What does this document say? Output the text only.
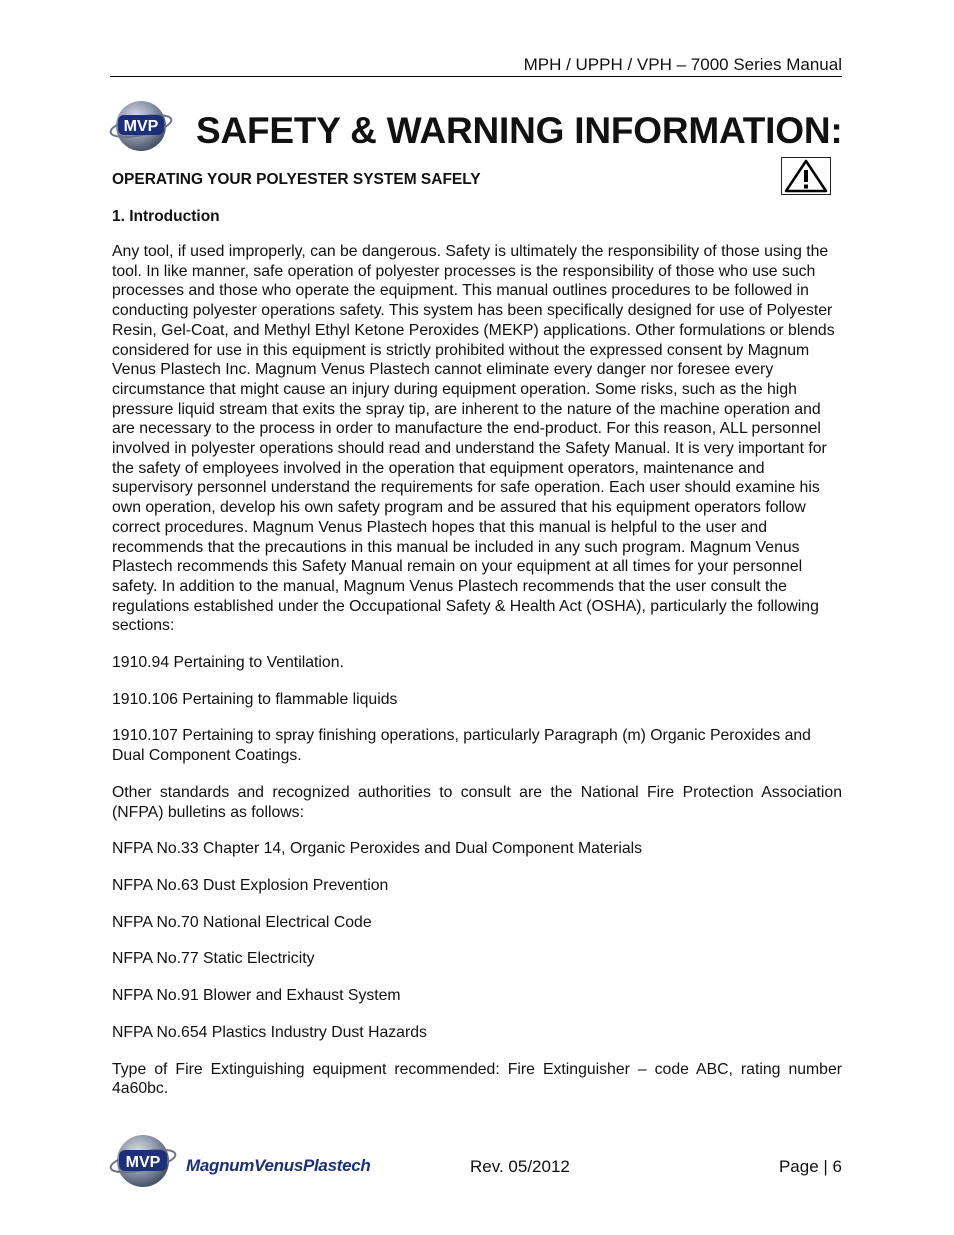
MPH / UPPH / VPH – 7000 Series Manual
MVP SAFETY & WARNING INFORMATION:
OPERATING YOUR POLYESTER SYSTEM SAFELY
1. Introduction

Any tool, if used improperly, can be dangerous. Safety is ultimately the responsibility of those using the tool. In like manner, safe operation of polyester processes is the responsibility of those who use such processes and those who operate the equipment. This manual outlines procedures to be followed in conducting polyester operations safety. This system has been specifically designed for use of Polyester Resin, Gel-Coat, and Methyl Ethyl Ketone Peroxides (MEKP) applications. Other formulations or blends considered for use in this equipment is strictly prohibited without the expressed consent by Magnum Venus Plastech Inc. Magnum Venus Plastech cannot eliminate every danger nor foresee every circumstance that might cause an injury during equipment operation. Some risks, such as the high pressure liquid stream that exits the spray tip, are inherent to the nature of the machine operation and are necessary to the process in order to manufacture the end-product. For this reason, ALL personnel involved in polyester operations should read and understand the Safety Manual. It is very important for the safety of employees involved in the operation that equipment operators, maintenance and supervisory personnel understand the requirements for safe operation. Each user should examine his own operation, develop his own safety program and be assured that his equipment operators follow correct procedures. Magnum Venus Plastech hopes that this manual is helpful to the user and recommends that the precautions in this manual be included in any such program. Magnum Venus Plastech recommends this Safety Manual remain on your equipment at all times for your personnel safety. In addition to the manual, Magnum Venus Plastech recommends that the user consult the regulations established under the Occupational Safety & Health Act (OSHA), particularly the following sections:

1910.94 Pertaining to Ventilation.

1910.106 Pertaining to flammable liquids

1910.107 Pertaining to spray finishing operations, particularly Paragraph (m) Organic Peroxides and Dual Component Coatings.

Other standards and recognized authorities to consult are the National Fire Protection Association (NFPA) bulletins as follows:

NFPA No.33 Chapter 14, Organic Peroxides and Dual Component Materials

NFPA No.63 Dust Explosion Prevention

NFPA No.70 National Electrical Code

NFPA No.77 Static Electricity

NFPA No.91 Blower and Exhaust System

NFPA No.654 Plastics Industry Dust Hazards

Type of Fire Extinguishing equipment recommended: Fire Extinguisher – code ABC, rating number 4a60bc.

MVP MagnumVenusPlastech	Rev. 05/2012	Page | 6
